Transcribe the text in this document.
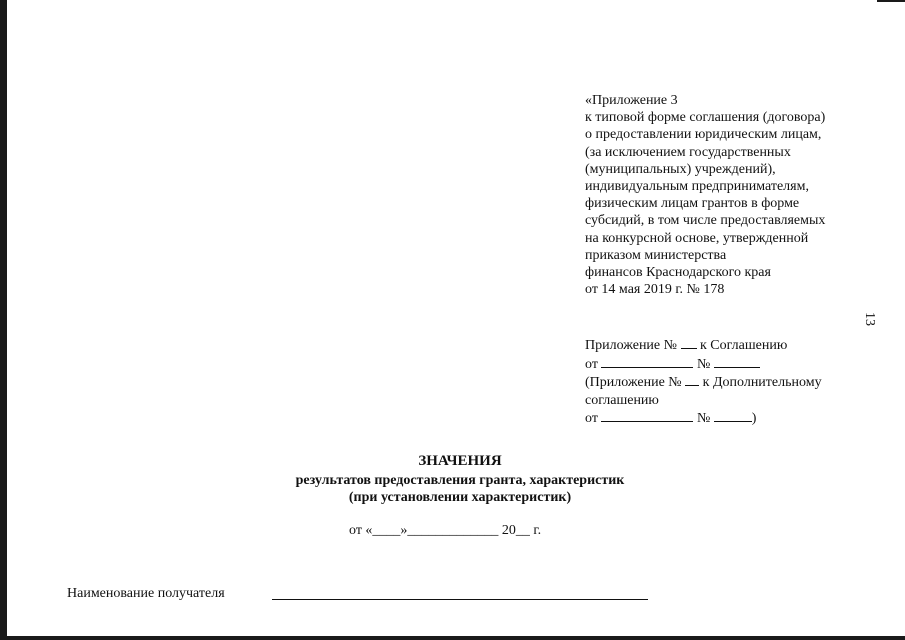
«Приложение 3
к типовой форме соглашения (договора)
о предоставлении юридическим лицам,
(за исключением государственных
(муниципальных) учреждений),
индивидуальным предпринимателям,
физическим лицам грантов в форме
субсидий, в том числе предоставляемых
на конкурсной основе, утвержденной
приказом министерства
финансов Краснодарского края
от 14 мая 2019 г. № 178
13
Приложение № к Соглашению
от	№
(Приложение № к Дополнительному
соглашению
от	№	)
ЗНАЧЕНИЯ
результатов предоставления гранта, характеристик
(при установлении характеристик)
от «____»_____________ 20__ г.
Наименование получателя
